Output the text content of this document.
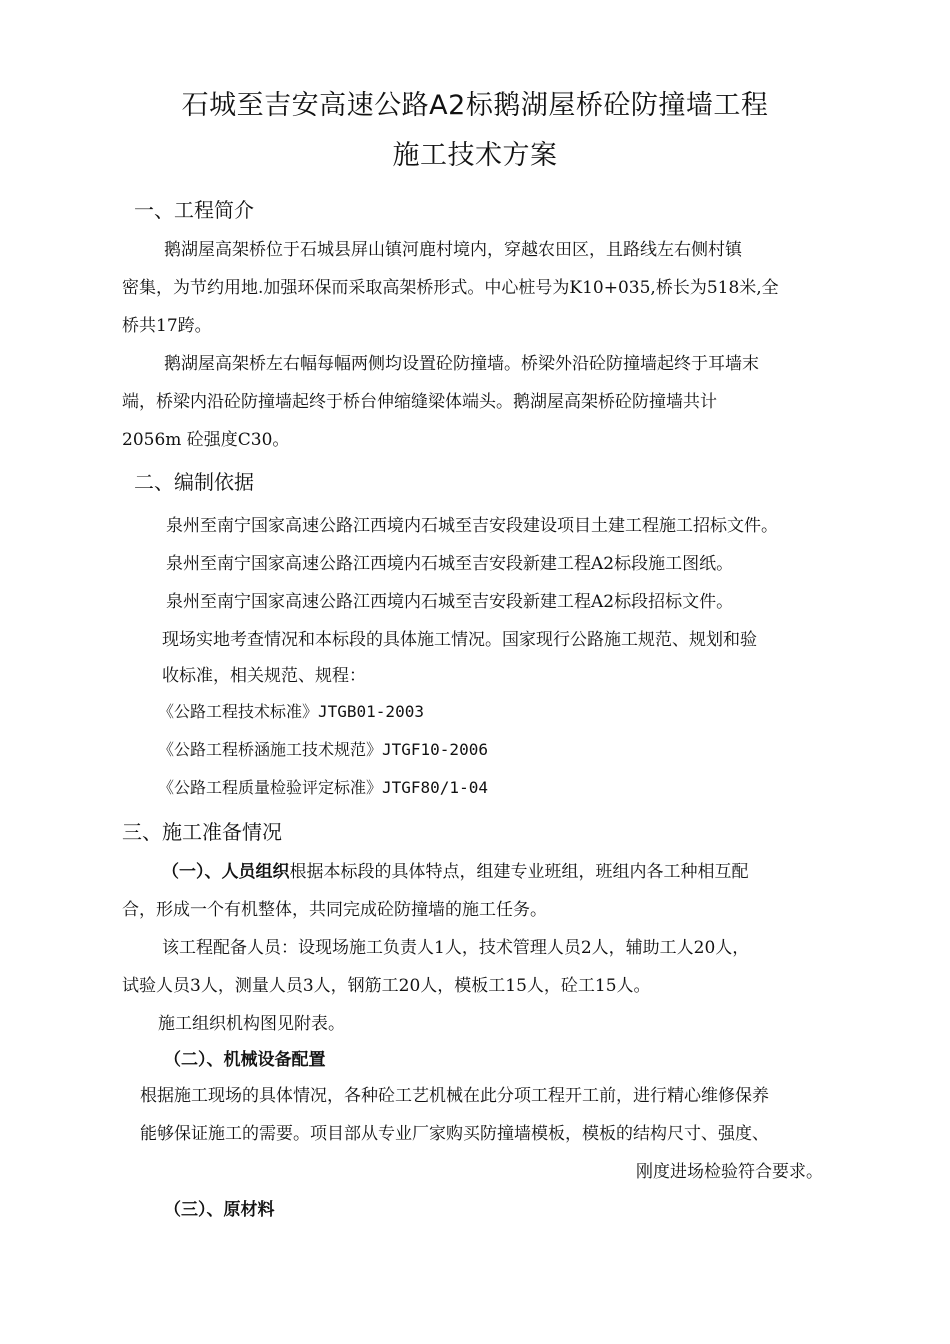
石城至吉安高速公路A2标鹅湖屋桥砼防撞墙工程
施工技术方案
一、工程简介
鹅湖屋高架桥位于石城县屏山镇河鹿村境内，穿越农田区，且路线左右侧村镇
密集，为节约用地.加强环保而采取高架桥形式。中心桩号为K10+035,桥长为518米,全
桥共17跨。
鹅湖屋高架桥左右幅每幅两侧均设置砼防撞墙。桥梁外沿砼防撞墙起终于耳墙末
端，桥梁内沿砼防撞墙起终于桥台伸缩缝梁体端头。鹅湖屋高架桥砼防撞墙共计
2056m 砼强度C30。
二、编制依据
泉州至南宁国家高速公路江西境内石城至吉安段建设项目土建工程施工招标文件。
泉州至南宁国家高速公路江西境内石城至吉安段新建工程A2标段施工图纸。
泉州至南宁国家高速公路江西境内石城至吉安段新建工程A2标段招标文件。
现场实地考查情况和本标段的具体施工情况。国家现行公路施工规范、规划和验
收标准，相关规范、规程：
《公路工程技术标准》JTGB01-2003
《公路工程桥涵施工技术规范》JTGF10-2006
《公路工程质量检验评定标准》JTGF80/1-04
三、施工准备情况
（一）、人员组织根据本标段的具体特点，组建专业班组，班组内各工种相互配
合，形成一个有机整体，共同完成砼防撞墙的施工任务。
该工程配备人员：设现场施工负责人1人，技术管理人员2人，辅助工人20人，
试验人员3人，测量人员3人，钢筋工20人，模板工15人，砼工15人。
施工组织机构图见附表。
（二）、机械设备配置
根据施工现场的具体情况，各种砼工艺机械在此分项工程开工前，进行精心维修保养
能够保证施工的需要。项目部从专业厂家购买防撞墙模板，模板的结构尺寸、强度、
刚度进场检验符合要求。
（三）、原材料
